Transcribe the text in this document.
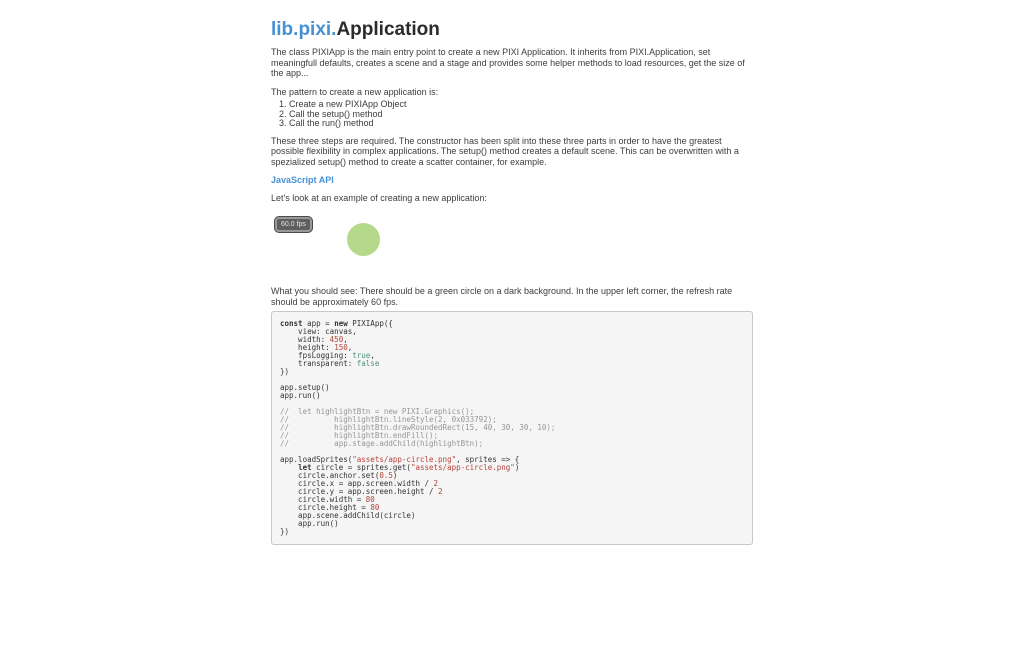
lib.pixi.Application

The class PIXIApp is the main entry point to create a new PIXI Application. It inherits from PIXI.Application, set meaningfull defaults, creates a scene and a stage and provides some helper methods to load resources, get the size of the app...

The pattern to create a new application is:

1. Create a new PIXIApp Object
2. Call the setup() method
3. Call the run() method

These three steps are required. The constructor has been split into these three parts in order to have the greatest possible flexibility in complex applications. The setup() method creates a default scene. This can be overwritten with a spezialized setup() method to create a scatter container, for example.

JavaScript API

Let's look at an example of creating a new application:

60.0 fps

What you should see: There should be a green circle on a dark background. In the upper left corner, the refresh rate should be approximately 60 fps.

const app = new PIXIApp({
view: canvas,
width: 450,
height: 150,
fpsLogging: true,
transparent: false
})

app.setup()
app.run()

//  let highlightBtn = new PIXI.Graphics();
//          highlightBtn.lineStyle(2, 0x033792);
//          highlightBtn.drawRoundedRect(15, 40, 30, 30, 10);
//          highlightBtn.endFill();
//          app.stage.addChild(highlightBtn);

app.loadSprites("assets/app-circle.png", sprites => {
let circle = sprites.get("assets/app-circle.png")
circle.anchor.set(0.5)
circle.x = app.screen.width / 2
circle.y = app.screen.height / 2
circle.width = 80
circle.height = 80
app.scene.addChild(circle)
app.run()
})
